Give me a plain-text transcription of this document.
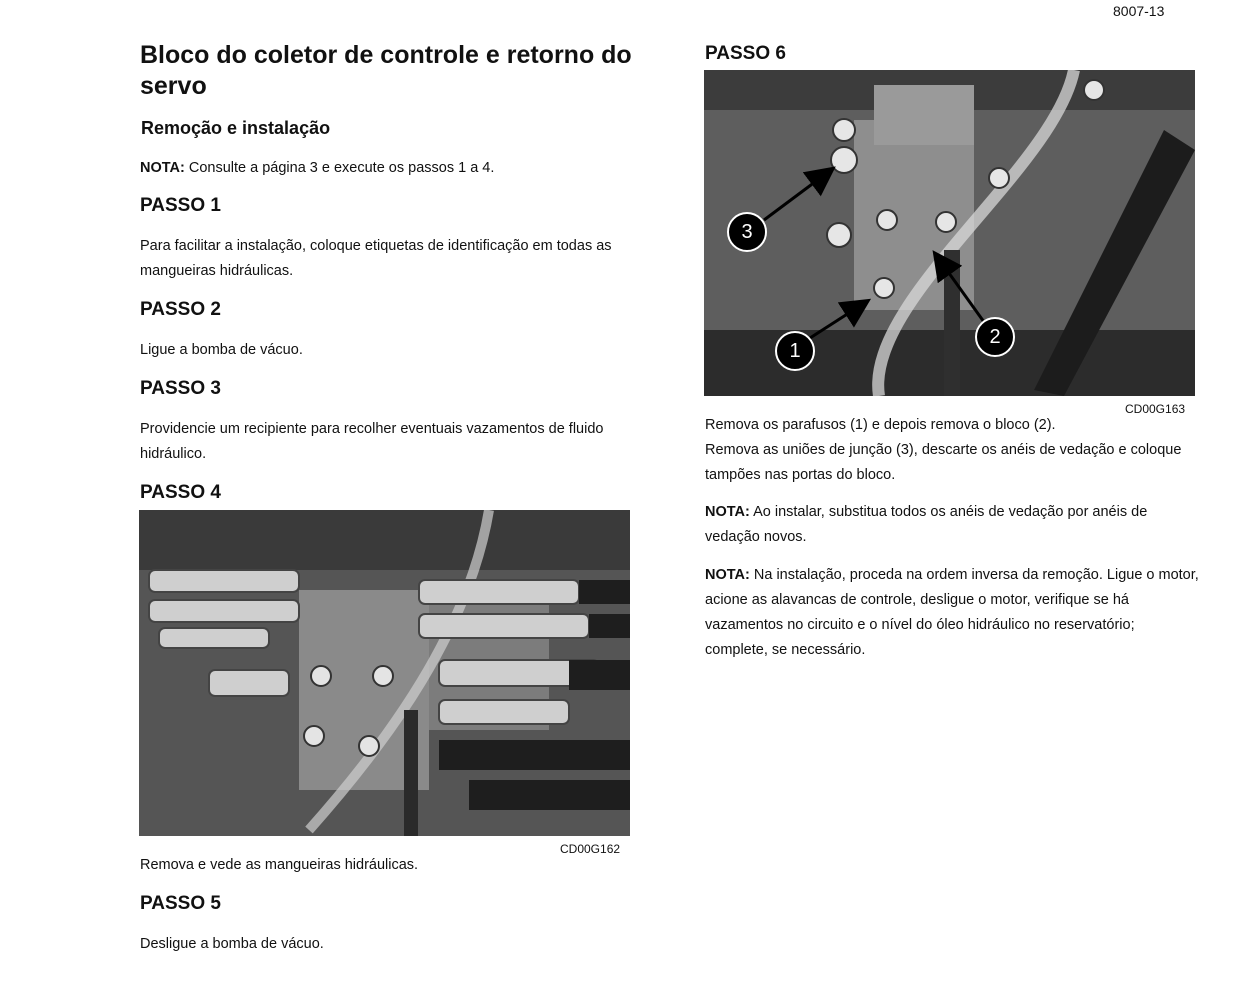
8007-13
Bloco do coletor de controle e retorno do servo
Remoção e instalação

NOTA: Consulte a página 3 e execute os passos 1 a 4.

PASSO 1

Para facilitar a instalação, coloque etiquetas de identificação em todas as mangueiras hidráulicas.

PASSO 2

Ligue a bomba de vácuo.

PASSO 3

Providencie um recipiente para recolher eventuais vazamentos de fluido hidráulico.

PASSO 4
CD00G162

Remova e vede as mangueiras hidráulicas.

PASSO 5

Desligue a bomba de vácuo.

PASSO 6
3
2
1
CD00G163

Remova os parafusos (1) e depois remova o bloco (2).

Remova as uniões de junção (3), descarte os anéis de vedação e coloque tampões nas portas do bloco.

NOTA: Ao instalar, substitua todos os anéis de vedação por anéis de vedação novos.

NOTA: Na instalação, proceda na ordem inversa da remoção. Ligue o motor, acione as alavancas de controle, desligue o motor, verifique se há vazamentos no circuito e o nível do óleo hidráulico no reservatório; complete, se necessário.
